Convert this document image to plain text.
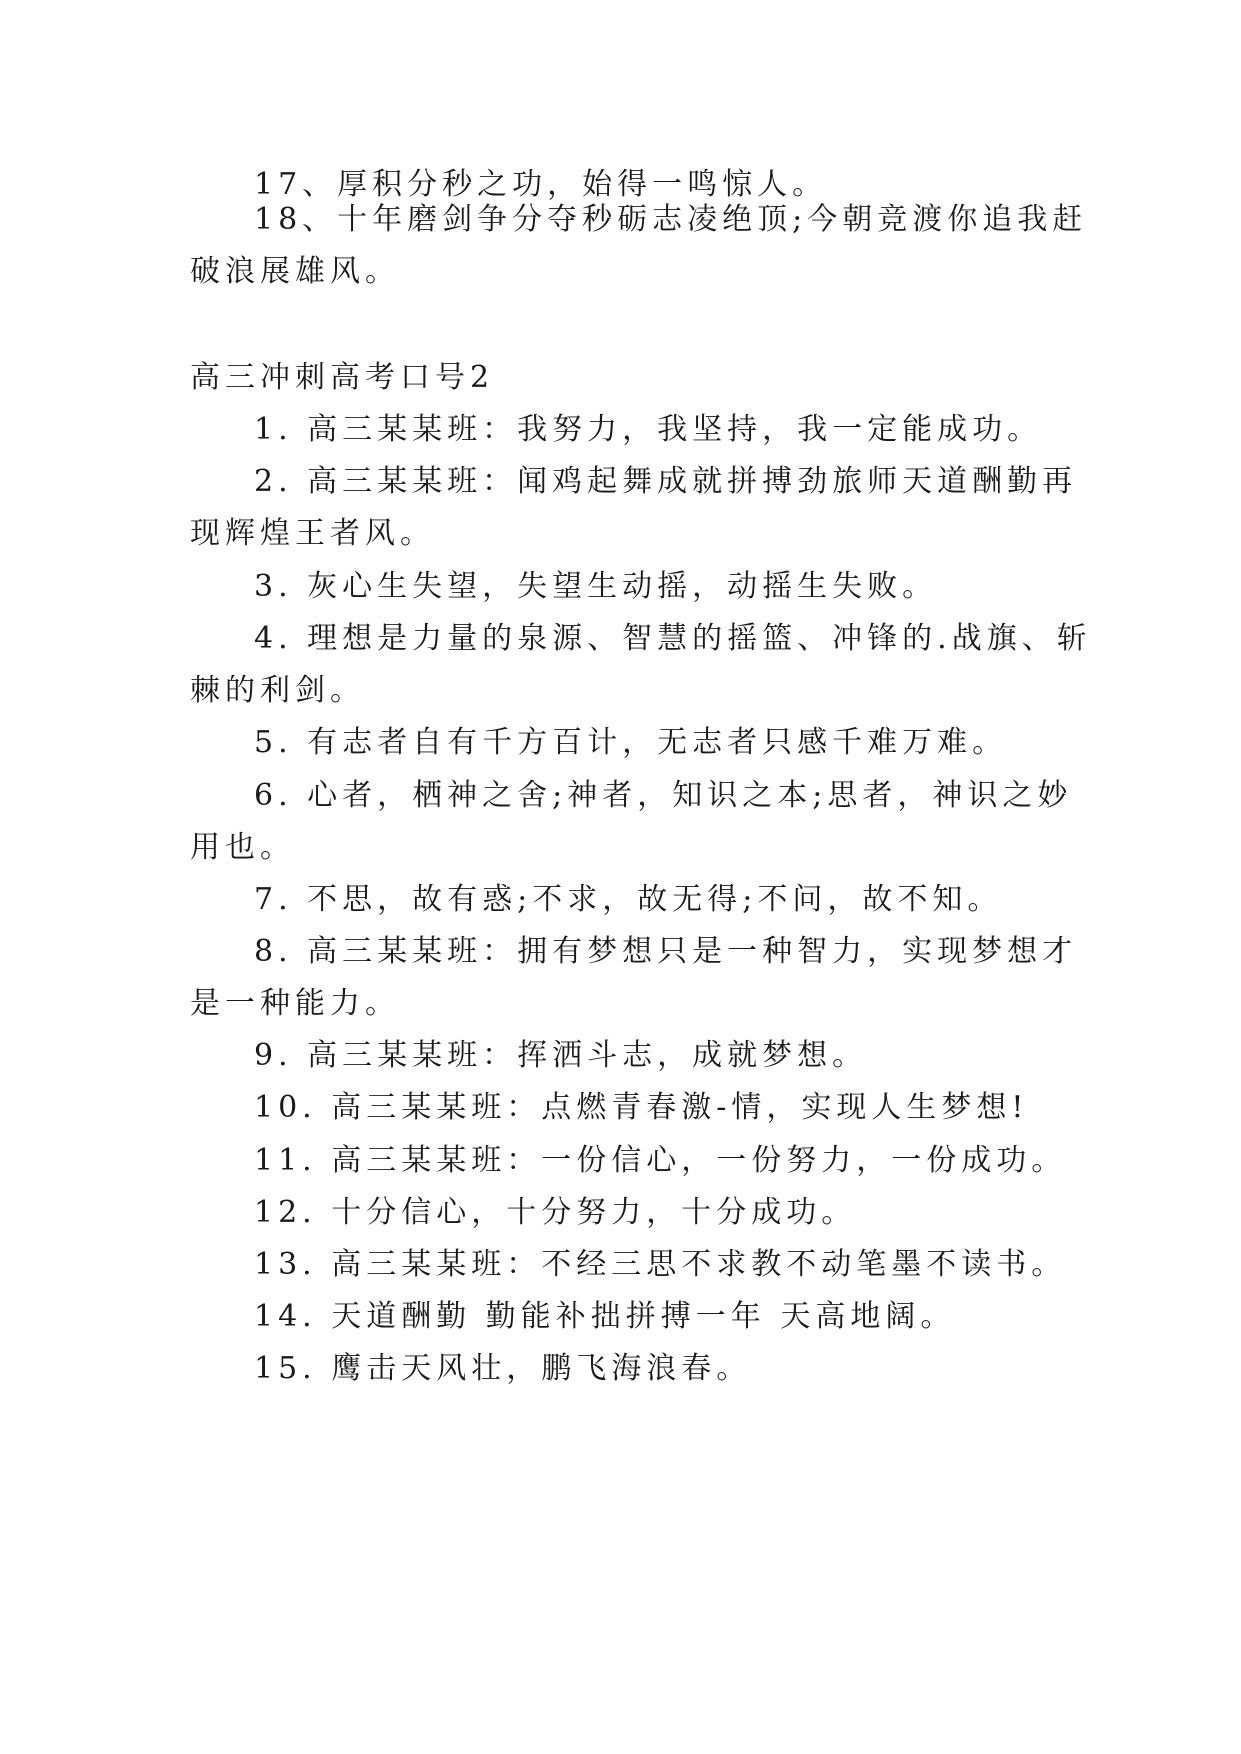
17、厚积分秒之功，始得一鸣惊人。
18、十年磨剑争分夺秒砺志凌绝顶;今朝竞渡你追我赶
破浪展雄风。
高三冲刺高考口号2
1. 高三某某班：我努力，我坚持，我一定能成功。
2. 高三某某班：闻鸡起舞成就拼搏劲旅师天道酬勤再
现辉煌王者风。
3. 灰心生失望，失望生动摇，动摇生失败。
4. 理想是力量的泉源、智慧的摇篮、冲锋的.战旗、斩
棘的利剑。
5. 有志者自有千方百计，无志者只感千难万难。
6. 心者，栖神之舍;神者，知识之本;思者，神识之妙
用也。
7. 不思，故有惑;不求，故无得;不问，故不知。
8. 高三某某班：拥有梦想只是一种智力，实现梦想才
是一种能力。
9. 高三某某班：挥洒斗志，成就梦想。
10. 高三某某班：点燃青春激-情，实现人生梦想!
11. 高三某某班：一份信心，一份努力，一份成功。
12. 十分信心，十分努力，十分成功。
13. 高三某某班：不经三思不求教不动笔墨不读书。
14. 天道酬勤 勤能补拙拼搏一年 天高地阔。
15. 鹰击天风壮，鹏飞海浪春。
